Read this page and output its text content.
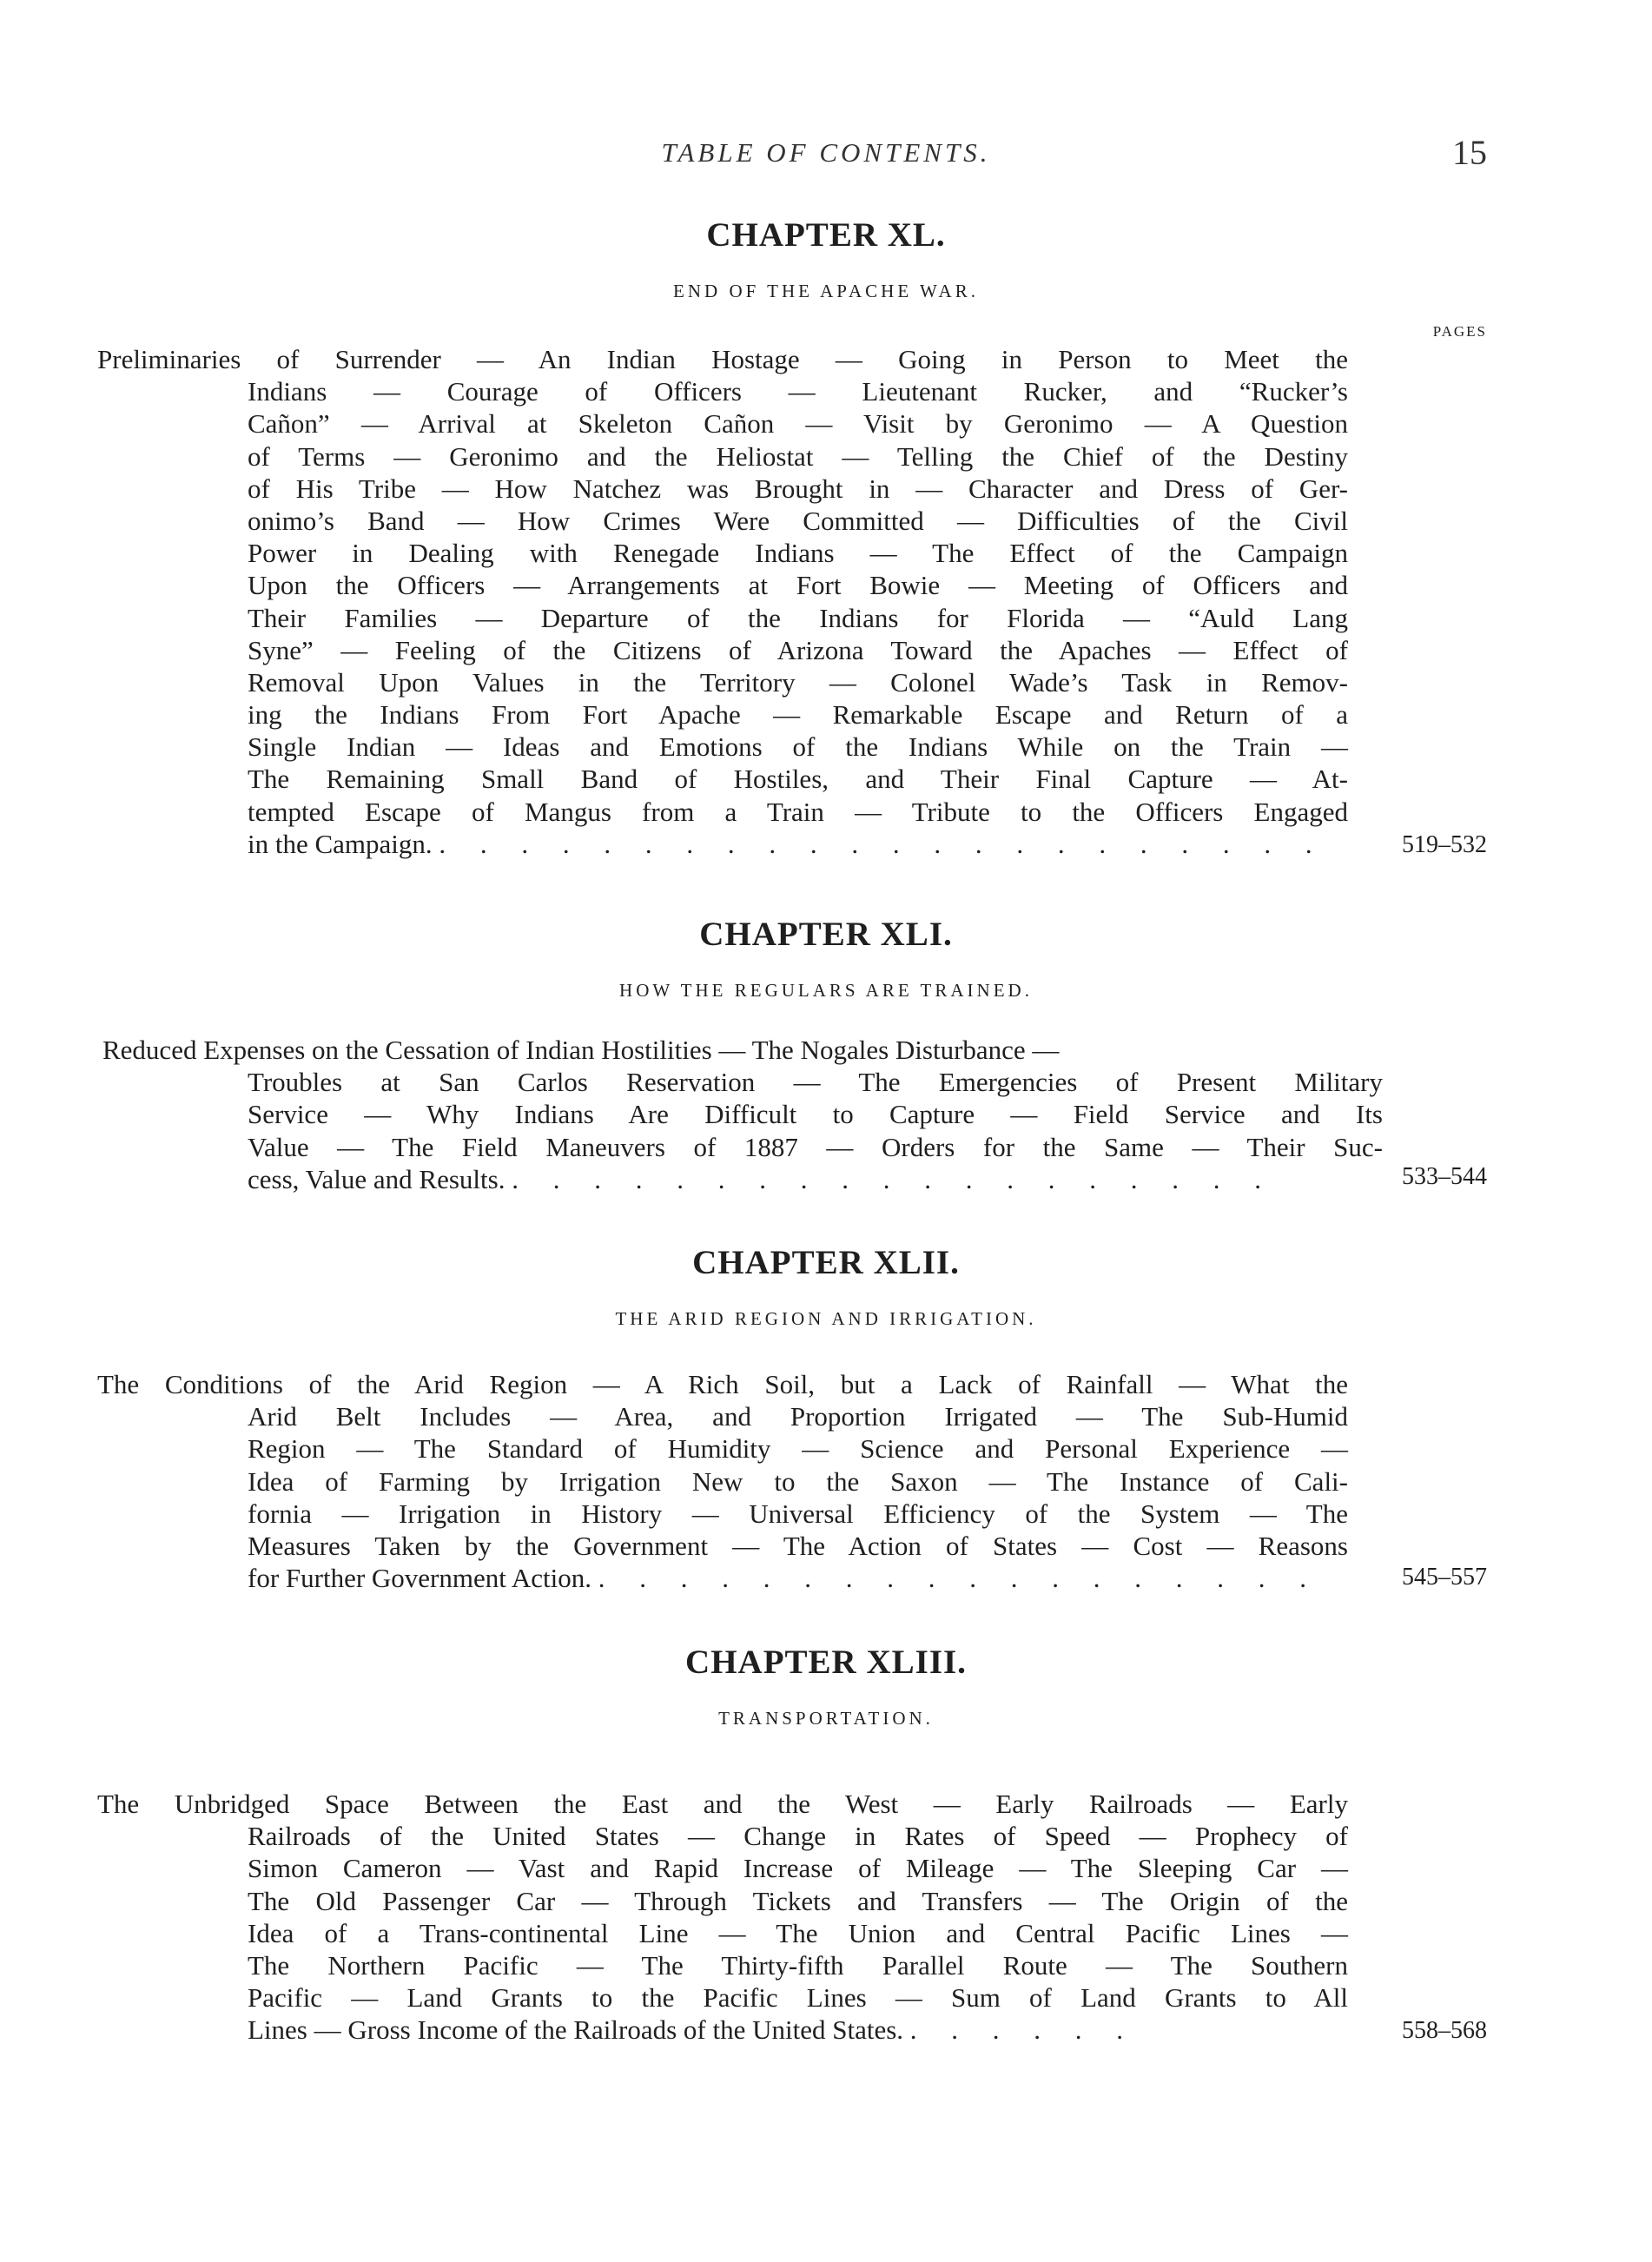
TABLE OF CONTENTS.	15
CHAPTER XL.
END OF THE APACHE WAR.
PAGES
Preliminaries of Surrender — An Indian Hostage — Going in Person to Meet the
Indians — Courage of Officers — Lieutenant Rucker, and “Rucker’s
Cañon” — Arrival at Skeleton Cañon — Visit by Geronimo — A Question
of Terms — Geronimo and the Heliostat — Telling the Chief of the Destiny
of His Tribe — How Natchez was Brought in — Character and Dress of Ger-
onimo’s Band — How Crimes Were Committed — Difficulties of the Civil
Power in Dealing with Renegade Indians — The Effect of the Campaign
Upon the Officers — Arrangements at Fort Bowie — Meeting of Officers and
Their Families — Departure of the Indians for Florida — “Auld Lang
Syne” — Feeling of the Citizens of Arizona Toward the Apaches — Effect of
Removal Upon Values in the Territory — Colonel Wade’s Task in Remov-
ing the Indians From Fort Apache — Remarkable Escape and Return of a
Single Indian — Ideas and Emotions of the Indians While on the Train —
The Remaining Small Band of Hostiles, and Their Final Capture — At-
tempted Escape of Mangus from a Train — Tribute to the Officers Engaged
in the Campaign. . . . . . . . . . . . . . . . . . . . . . .	519–532
CHAPTER XLI.
HOW THE REGULARS ARE TRAINED.
Reduced Expenses on the Cessation of Indian Hostilities — The Nogales Disturbance —
Troubles at San Carlos Reservation — The Emergencies of Present Military
Service — Why Indians Are Difficult to Capture — Field Service and Its
Value — The Field Maneuvers of 1887 — Orders for the Same — Their Suc-
cess, Value and Results. . . . . . . . . . . . . . . . . . . .	533–544
CHAPTER XLII.
THE ARID REGION AND IRRIGATION.
The Conditions of the Arid Region — A Rich Soil, but a Lack of Rainfall — What the
Arid Belt Includes — Area, and Proportion Irrigated — The Sub-Humid
Region — The Standard of Humidity — Science and Personal Experience —
Idea of Farming by Irrigation New to the Saxon — The Instance of Cali-
fornia — Irrigation in History — Universal Efficiency of the System — The
Measures Taken by the Government — The Action of States — Cost — Reasons
for Further Government Action. . . . . . . . . . . . . . . . . . .	545–557
CHAPTER XLIII.
TRANSPORTATION.
The Unbridged Space Between the East and the West — Early Railroads — Early
Railroads of the United States — Change in Rates of Speed — Prophecy of
Simon Cameron — Vast and Rapid Increase of Mileage — The Sleeping Car —
The Old Passenger Car — Through Tickets and Transfers — The Origin of the
Idea of a Trans-continental Line — The Union and Central Pacific Lines —
The Northern Pacific — The Thirty-fifth Parallel Route — The Southern
Pacific — Land Grants to the Pacific Lines — Sum of Land Grants to All
Lines — Gross Income of the Railroads of the United States. . . . . . .	558–568
